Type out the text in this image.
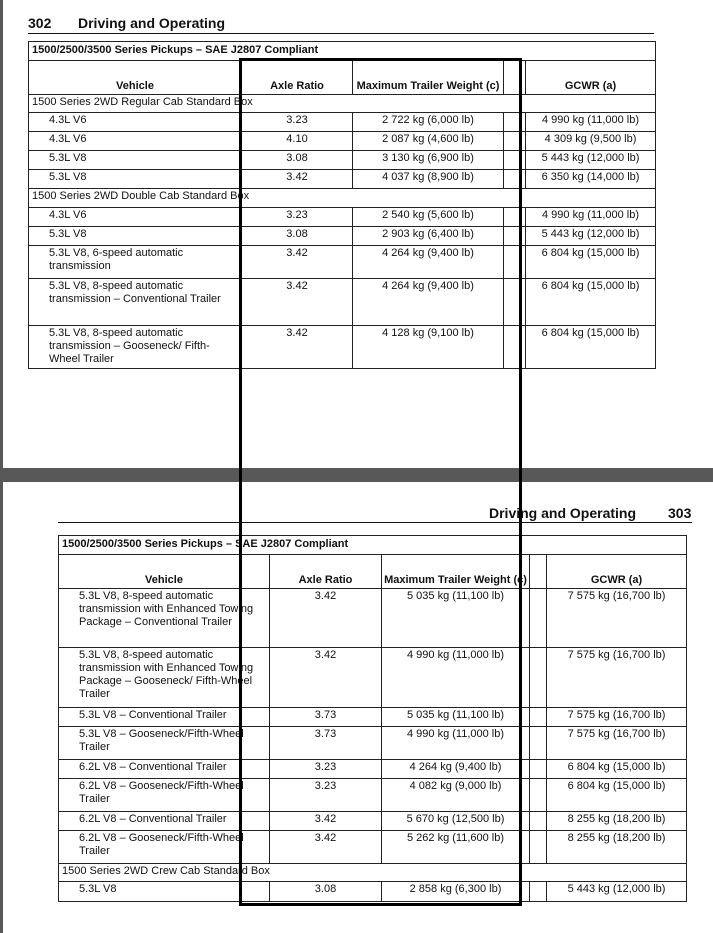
302 Driving and Operating
1500/2500/3500 Series Pickups – SAE J2807 Compliant				
Vehicle	Axle Ratio	Maximum Trailer Weight (c)		GCWR (a)
1500 Series 2WD Regular Cab Standard Box				
4.3L V6	3.23	2 722 kg (6,000 lb)		4 990 kg (11,000 lb)
4.3L V6	4.10	2 087 kg (4,600 lb)		4 309 kg (9,500 lb)
5.3L V8	3.08	3 130 kg (6,900 lb)		5 443 kg (12,000 lb)
5.3L V8	3.42	4 037 kg (8,900 lb)		6 350 kg (14,000 lb)
1500 Series 2WD Double Cab Standard Box				
4.3L V6	3.23	2 540 kg (5,600 lb)		4 990 kg (11,000 lb)
5.3L V8	3.08	2 903 kg (6,400 lb)		5 443 kg (12,000 lb)
5.3L V8, 6-speed automatic transmission	3.42	4 264 kg (9,400 lb)		6 804 kg (15,000 lb)
5.3L V8, 8-speed automatic transmission – Conventional Trailer	3.42	4 264 kg (9,400 lb)		6 804 kg (15,000 lb)
5.3L V8, 8-speed automatic transmission – Gooseneck/ Fifth-Wheel Trailer	3.42	4 128 kg (9,100 lb)		6 804 kg (15,000 lb)
Driving and Operating 303
1500/2500/3500 Series Pickups – SAE J2807 Compliant				
Vehicle	Axle Ratio	Maximum Trailer Weight (c)		GCWR (a)
5.3L V8, 8-speed automatic transmission with Enhanced Towing Package – Conventional Trailer	3.42	5 035 kg (11,100 lb)		7 575 kg (16,700 lb)
5.3L V8, 8-speed automatic transmission with Enhanced Towing Package – Gooseneck/ Fifth-Wheel Trailer	3.42	4 990 kg (11,000 lb)		7 575 kg (16,700 lb)
5.3L V8 – Conventional Trailer	3.73	5 035 kg (11,100 lb)		7 575 kg (16,700 lb)
5.3L V8 – Gooseneck/Fifth-Wheel Trailer	3.73	4 990 kg (11,000 lb)		7 575 kg (16,700 lb)
6.2L V8 – Conventional Trailer	3.23	4 264 kg (9,400 lb)		6 804 kg (15,000 lb)
6.2L V8 – Gooseneck/Fifth-Wheel Trailer	3.23	4 082 kg (9,000 lb)		6 804 kg (15,000 lb)
6.2L V8 – Conventional Trailer	3.42	5 670 kg (12,500 lb)		8 255 kg (18,200 lb)
6.2L V8 – Gooseneck/Fifth-Wheel Trailer	3.42	5 262 kg (11,600 lb)		8 255 kg (18,200 lb)
1500 Series 2WD Crew Cab Standard Box				
5.3L V8	3.08	2 858 kg (6,300 lb)		5 443 kg (12,000 lb)
